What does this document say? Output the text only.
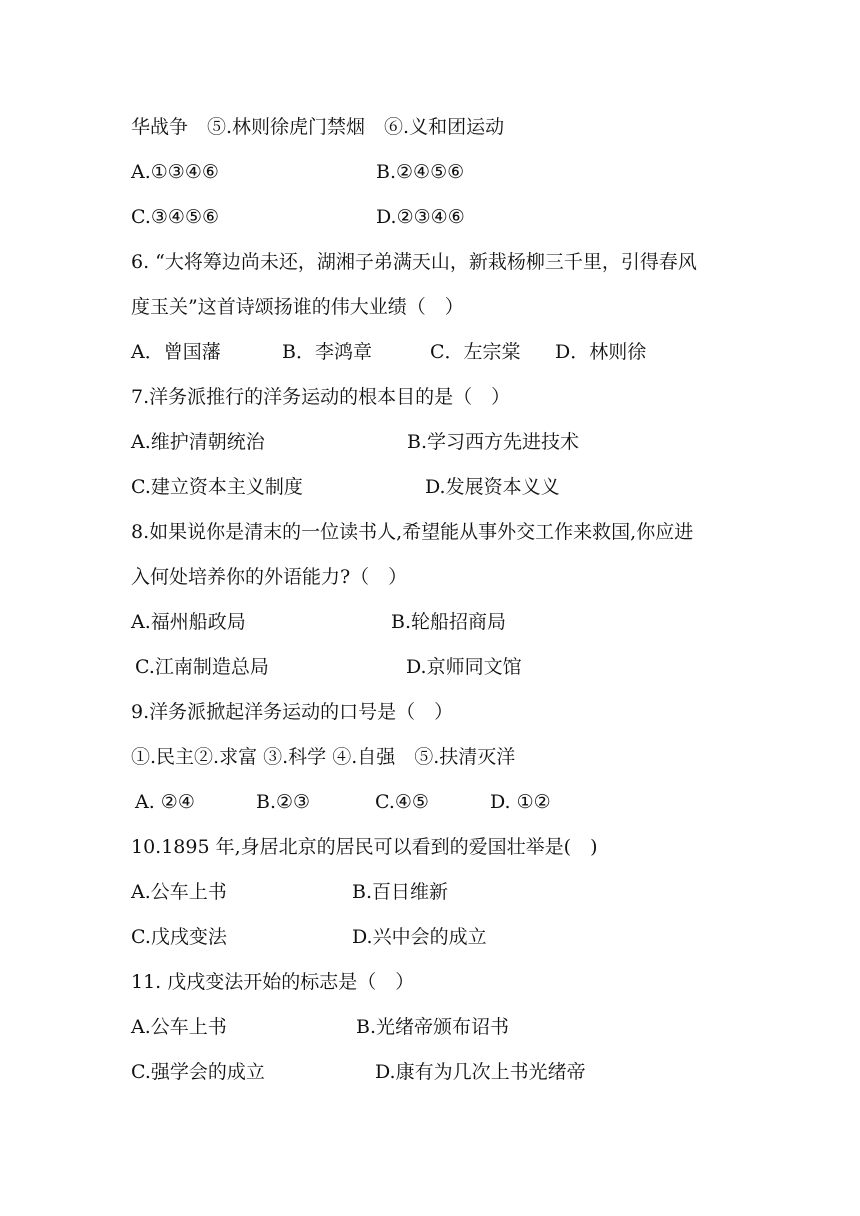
华战争　⑤.林则徐虎门禁烟　⑥.义和团运动
A.①③④⑥	B.②④⑤⑥
C.③④⑤⑥	D.②③④⑥
6. “大将筹边尚未还，湖湘子弟满天山，新栽杨柳三千里，引得春风
度玉关”这首诗颂扬谁的伟大业绩（　）
A．曾国藩	B．李鸿章	C．左宗棠 D．林则徐
7.洋务派推行的洋务运动的根本目的是（　）
A.维护清朝统治	B.学习西方先进技术
C.建立资本主义制度	D.发展资本义义
8.如果说你是清末的一位读书人,希望能从事外交工作来救国,你应进
入何处培养你的外语能力?（　）
A.福州船政局	B.轮船招商局
C.江南制造总局	D.京师同文馆
9.洋务派掀起洋务运动的口号是（　）
①.民主②.求富 ③.科学 ④.自强　⑤.扶清灭洋
A. ②④	B.②③	C.④⑤	D. ①②
10.1895 年,身居北京的居民可以看到的爱国壮举是(　)
A.公车上书	B.百日维新
C.戊戌变法	D.兴中会的成立
11. 戊戌变法开始的标志是（　）
A.公车上书	B.光绪帝颁布诏书
C.强学会的成立	D.康有为几次上书光绪帝
